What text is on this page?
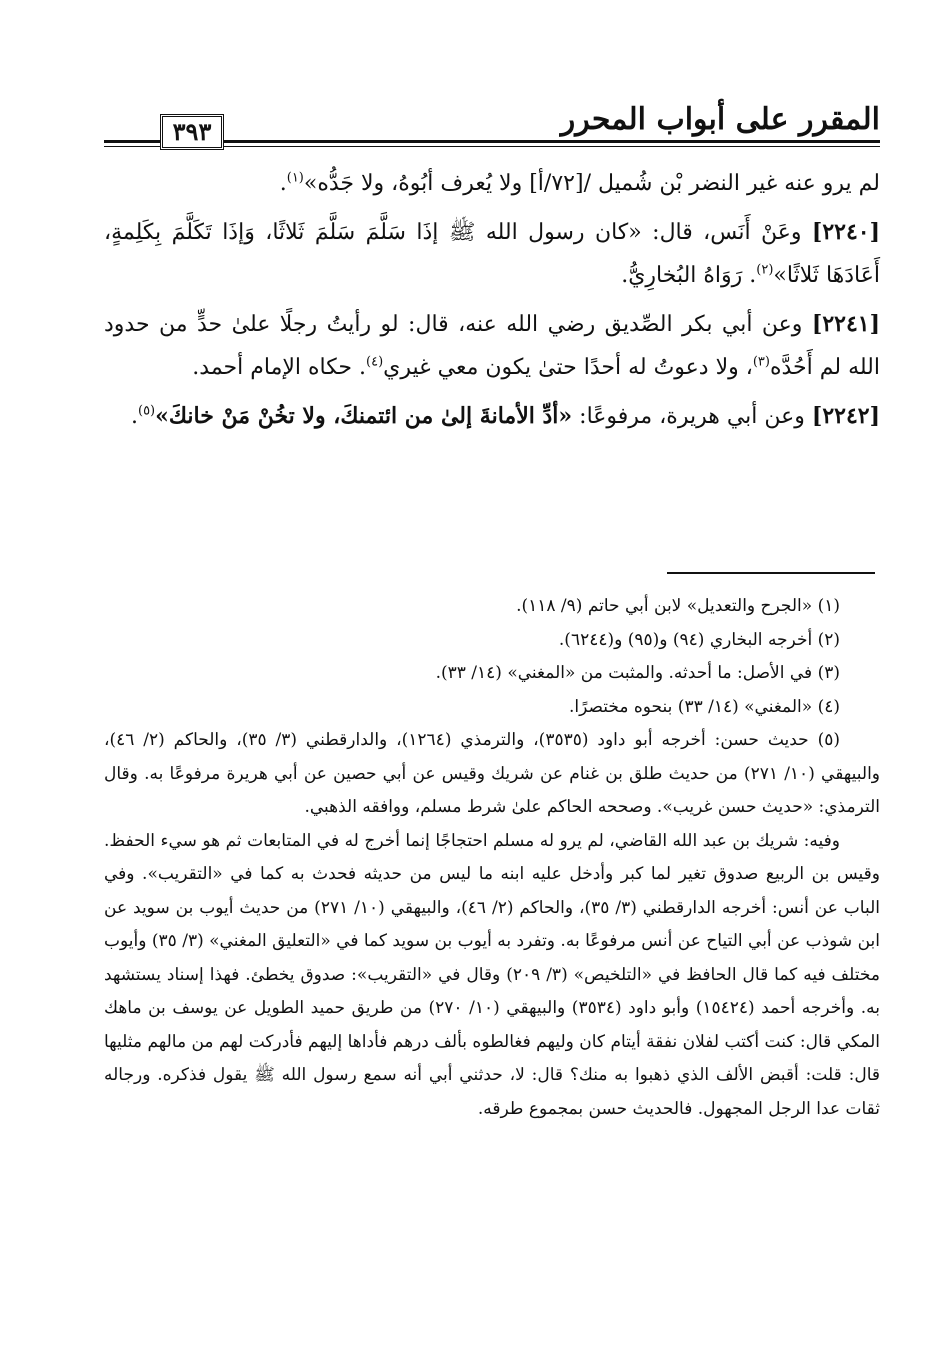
المقرر على أبواب المحرر
٣٩٣

لم يرو عنه غير النضر بْن شُميل /[٧٢/أ] ولا يُعرف أبُوهُ، ولا جَدُّه»$^{(١)}$.

[٢٢٤٠] وعَنْ أَنَس، قال: «كان رسول الله ﷺ إذَا سَلَّمَ سَلَّمَ ثَلاثًا، وَإذَا تَكَلَّمَ بِكَلِمةٍ، أَعَادَهَا ثَلاثًا»$^{(٢)}$. رَوَاهُ البُخارِيُّ.

[٢٢٤١] وعن أبي بكر الصِّديق رضي الله عنه، قال: لو رأيتُ رجلًا علىٰ حدٍّ من حدود الله لم أَحُدَّه$^{(٣)}$، ولا دعوتُ له أحدًا حتىٰ يكون معي غيري$^{(٤)}$. حكاه الإمام أحمد.

[٢٢٤٢] وعن أبي هريرة، مرفوعًا: «أدِّ الأمانةَ إلىٰ من ائتمنكَ، ولا تخُنْ مَنْ خانكَ»$^{(٥)}$.

(١) «الجرح والتعديل» لابن أبي حاتم (٩/ ١١٨).

(٢) أخرجه البخاري (٩٤) و(٩٥) و(٦٢٤٤).

(٣) في الأصل: ما أحدثه. والمثبت من «المغني» (١٤/ ٣٣).

(٤) «المغني» (١٤/ ٣٣) بنحوه مختصرًا.

(٥) حديث حسن: أخرجه أبو داود (٣٥٣٥)، والترمذي (١٢٦٤)، والدارقطني (٣/ ٣٥)، والحاكم (٢/ ٤٦)، والبيهقي (١٠/ ٢٧١) من حديث طلق بن غنام عن شريك وقيس عن أبي حصين عن أبي هريرة مرفوعًا به. وقال الترمذي: «حديث حسن غريب». وصححه الحاكم علىٰ شرط مسلم، ووافقه الذهبي.

وفيه: شريك بن عبد الله القاضي، لم يرو له مسلم احتجاجًا إنما أخرج له في المتابعات ثم هو سيء الحفظ. وقيس بن الربيع صدوق تغير لما كبر وأدخل عليه ابنه ما ليس من حديثه فحدث به كما في «التقريب». وفي الباب عن أنس: أخرجه الدارقطني (٣/ ٣٥)، والحاكم (٢/ ٤٦)، والبيهقي (١٠/ ٢٧١) من حديث أيوب بن سويد عن ابن شوذب عن أبي التياح عن أنس مرفوعًا به. وتفرد به أيوب بن سويد كما في «التعليق المغني» (٣/ ٣٥) وأيوب مختلف فيه كما قال الحافظ في «التلخيص» (٣/ ٢٠٩) وقال في «التقريب»: صدوق يخطئ. فهذا إسناد يستشهد به. وأخرجه أحمد (١٥٤٢٤) وأبو داود (٣٥٣٤) والبيهقي (١٠/ ٢٧٠) من طريق حميد الطويل عن يوسف بن ماهك المكي قال: كنت أكتب لفلان نفقة أيتام كان وليهم فغالطوه بألف درهم فأداها إليهم فأدركت لهم من مالهم مثليها قال: قلت: أقبض الألف الذي ذهبوا به منك؟ قال: لا، حدثني أبي أنه سمع رسول الله ﷺ يقول فذكره. ورجاله ثقات عدا الرجل المجهول. فالحديث حسن بمجموع طرقه.
